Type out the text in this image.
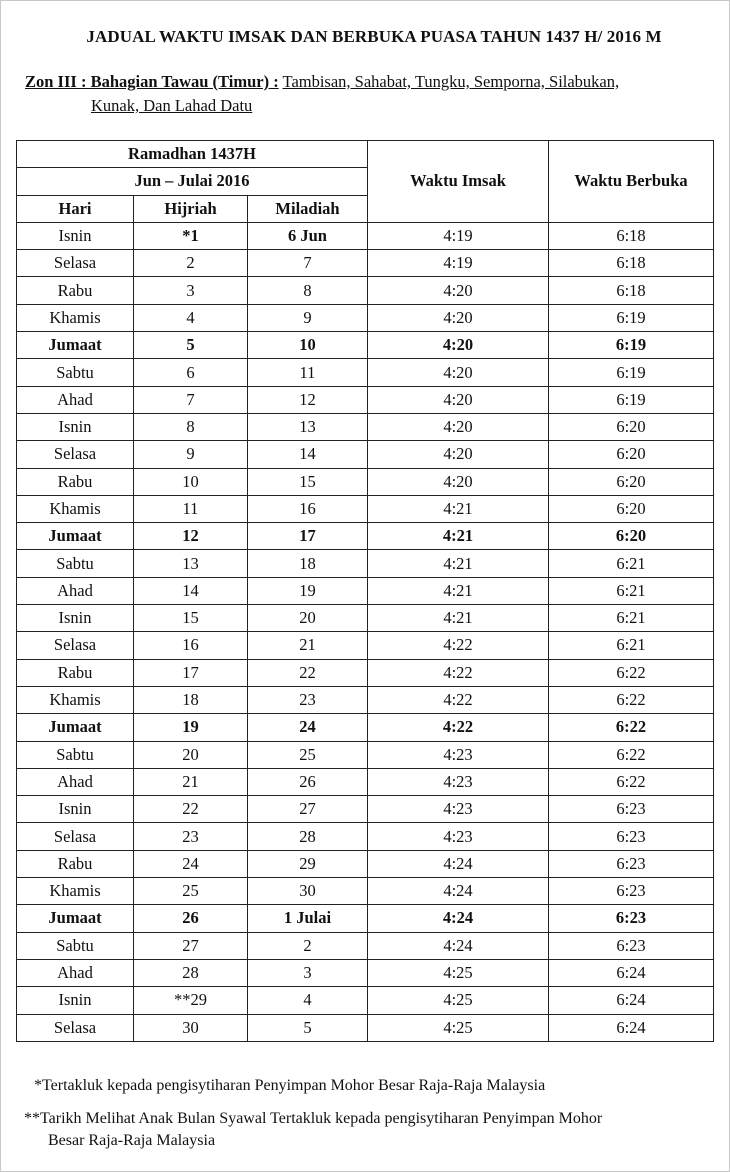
JADUAL WAKTU IMSAK DAN BERBUKA PUASA TAHUN 1437 H/ 2016 M
Zon III : Bahagian Tawau (Timur) : Tambisan, Sahabat, Tungku, Semporna, Silabukan,
Kunak, Dan Lahad Datu
Ramadhan 1437H			Waktu Imsak	Waktu Berbuka
Jun – Julai 2016				
Hari	Hijriah	Miladiah		
Isnin	*1	6 Jun	4:19	6:18
Selasa	2	7	4:19	6:18
Rabu	3	8	4:20	6:18
Khamis	4	9	4:20	6:19
Jumaat	5	10	4:20	6:19
Sabtu	6	11	4:20	6:19
Ahad	7	12	4:20	6:19
Isnin	8	13	4:20	6:20
Selasa	9	14	4:20	6:20
Rabu	10	15	4:20	6:20
Khamis	11	16	4:21	6:20
Jumaat	12	17	4:21	6:20
Sabtu	13	18	4:21	6:21
Ahad	14	19	4:21	6:21
Isnin	15	20	4:21	6:21
Selasa	16	21	4:22	6:21
Rabu	17	22	4:22	6:22
Khamis	18	23	4:22	6:22
Jumaat	19	24	4:22	6:22
Sabtu	20	25	4:23	6:22
Ahad	21	26	4:23	6:22
Isnin	22	27	4:23	6:23
Selasa	23	28	4:23	6:23
Rabu	24	29	4:24	6:23
Khamis	25	30	4:24	6:23
Jumaat	26	1 Julai	4:24	6:23
Sabtu	27	2	4:24	6:23
Ahad	28	3	4:25	6:24
Isnin	**29	4	4:25	6:24
Selasa	30	5	4:25	6:24
*Tertakluk kepada pengisytiharan Penyimpan Mohor Besar Raja-Raja Malaysia
**Tarikh Melihat Anak Bulan Syawal Tertakluk kepada pengisytiharan Penyimpan Mohor
Besar Raja-Raja Malaysia
